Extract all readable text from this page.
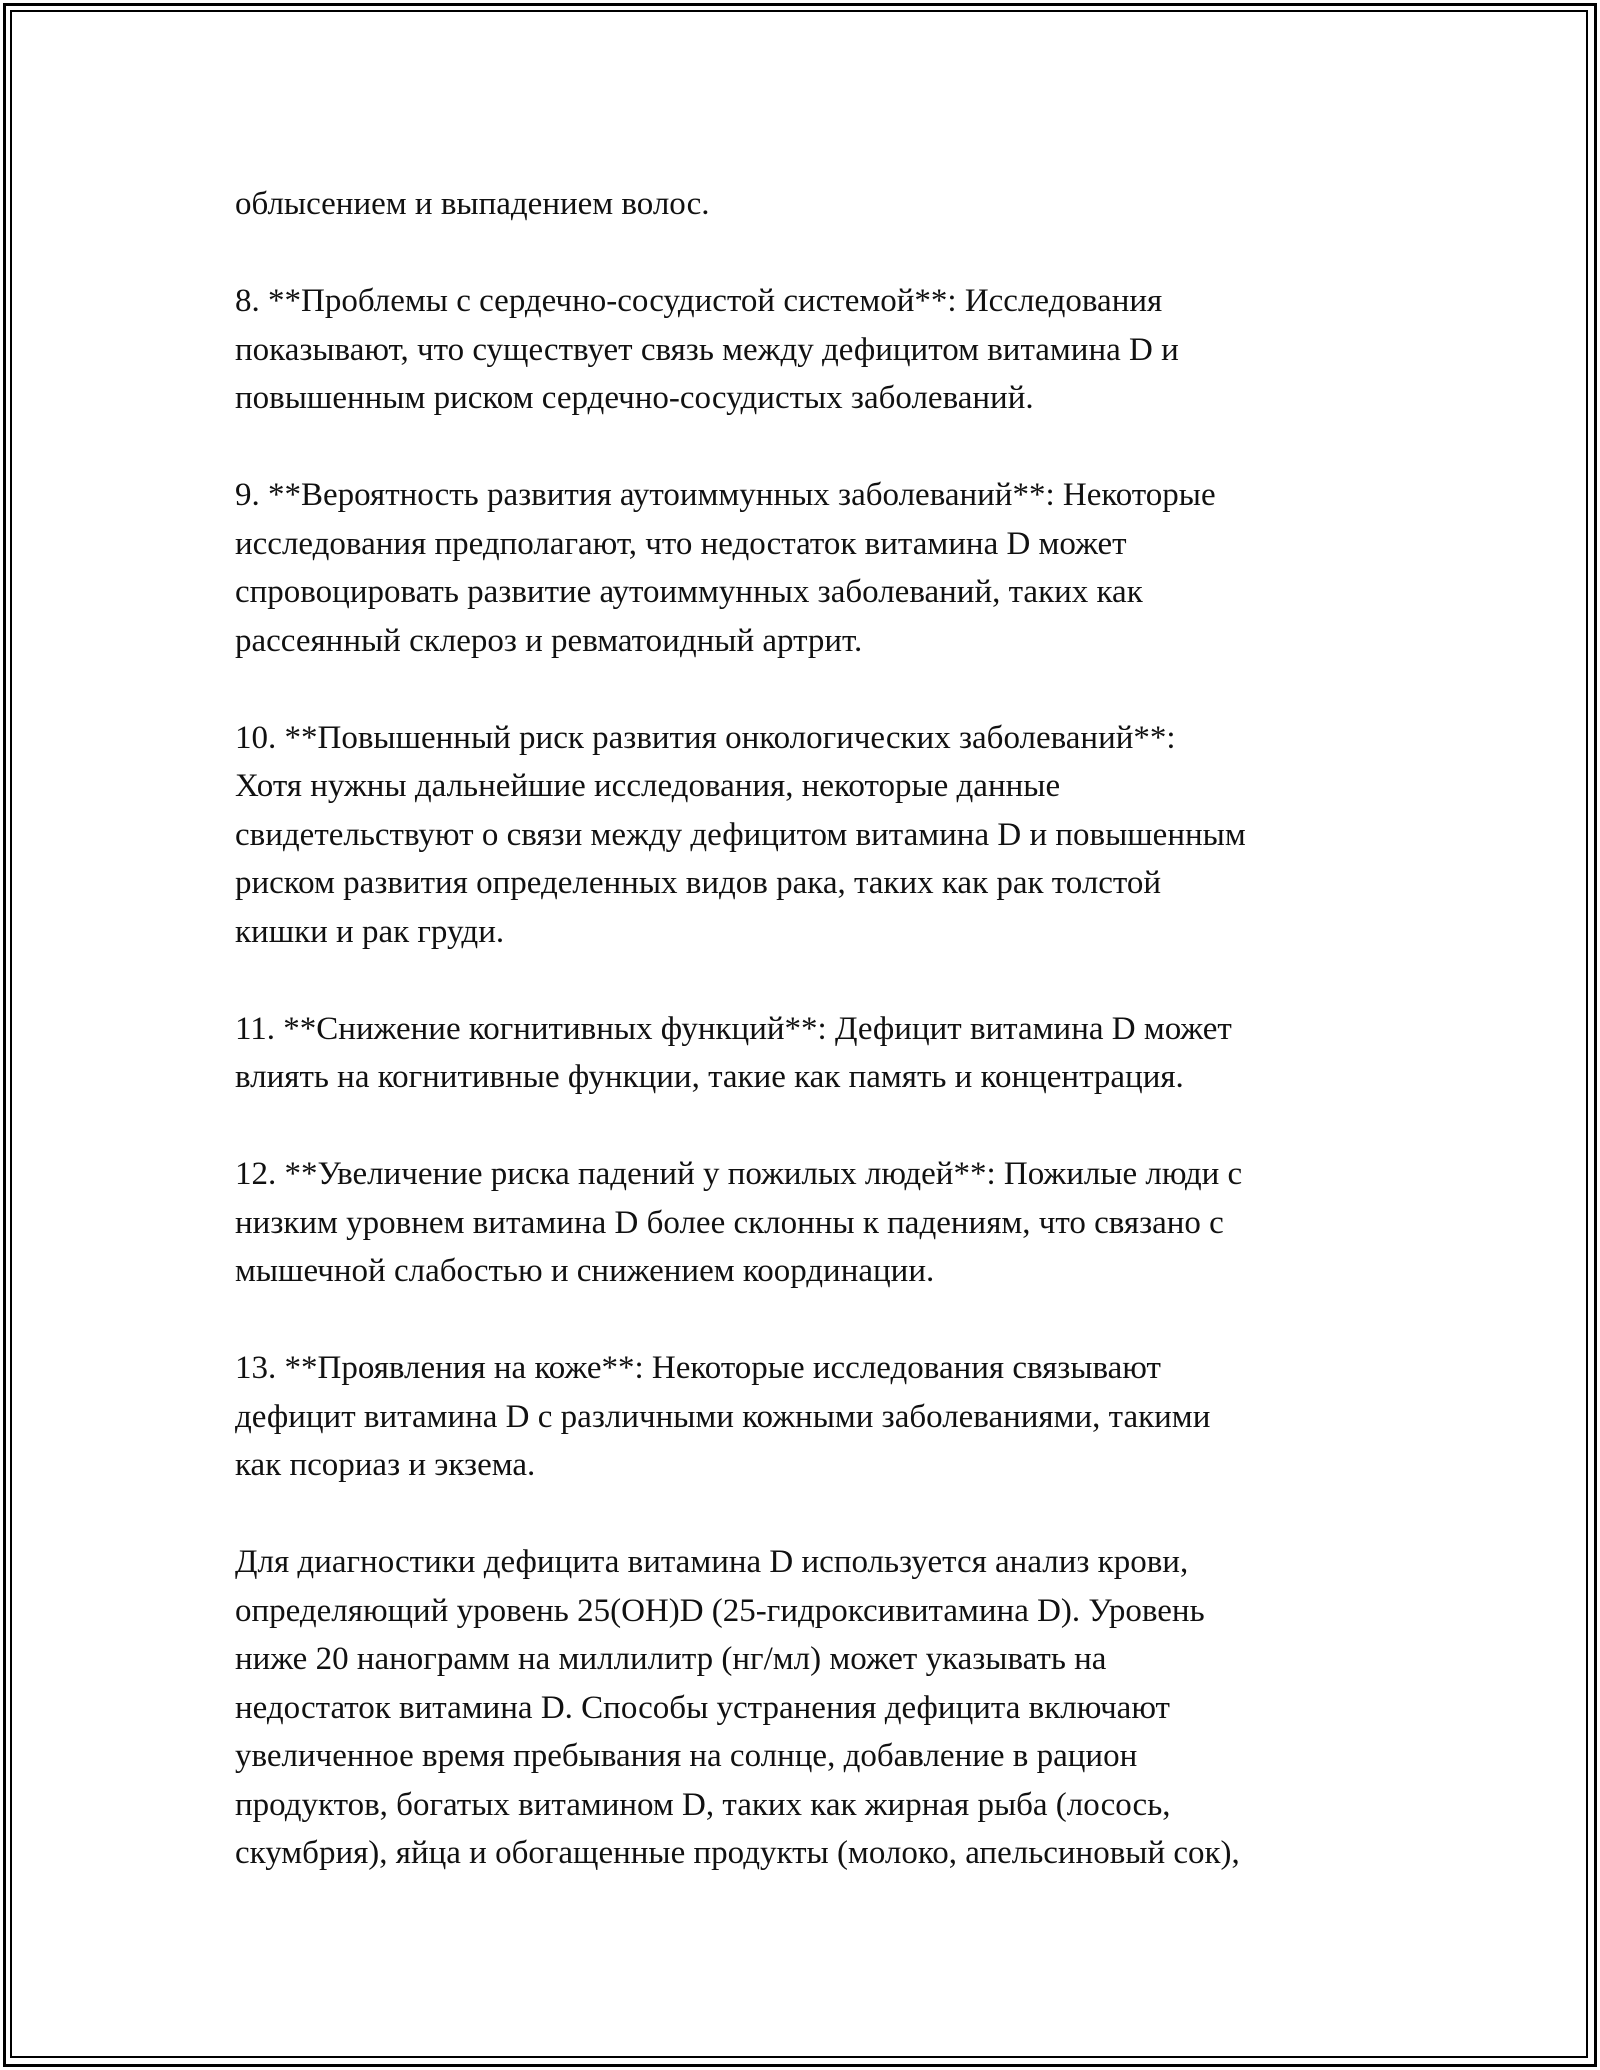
облысением и выпадением волос.

8. **Проблемы с сердечно-сосудистой системой**: Исследования
показывают, что существует связь между дефицитом витамина D и
повышенным риском сердечно-сосудистых заболеваний.

9. **Вероятность развития аутоиммунных заболеваний**: Некоторые
исследования предполагают, что недостаток витамина D может
спровоцировать развитие аутоиммунных заболеваний, таких как
рассеянный склероз и ревматоидный артрит.

10. **Повышенный риск развития онкологических заболеваний**:
Хотя нужны дальнейшие исследования, некоторые данные
свидетельствуют о связи между дефицитом витамина D и повышенным
риском развития определенных видов рака, таких как рак толстой
кишки и рак груди.

11. **Снижение когнитивных функций**: Дефицит витамина D может
влиять на когнитивные функции, такие как память и концентрация.

12. **Увеличение риска падений у пожилых людей**: Пожилые люди с
низким уровнем витамина D более склонны к падениям, что связано с
мышечной слабостью и снижением координации.

13. **Проявления на коже**: Некоторые исследования связывают
дефицит витамина D с различными кожными заболеваниями, такими
как псориаз и экзема.

Для диагностики дефицита витамина D используется анализ крови,
определяющий уровень 25(OH)D (25-гидроксивитамина D). Уровень
ниже 20 нанограмм на миллилитр (нг/мл) может указывать на
недостаток витамина D. Способы устранения дефицита включают
увеличенное время пребывания на солнце, добавление в рацион
продуктов, богатых витамином D, таких как жирная рыба (лосось,
скумбрия), яйца и обогащенные продукты (молоко, апельсиновый сок),
